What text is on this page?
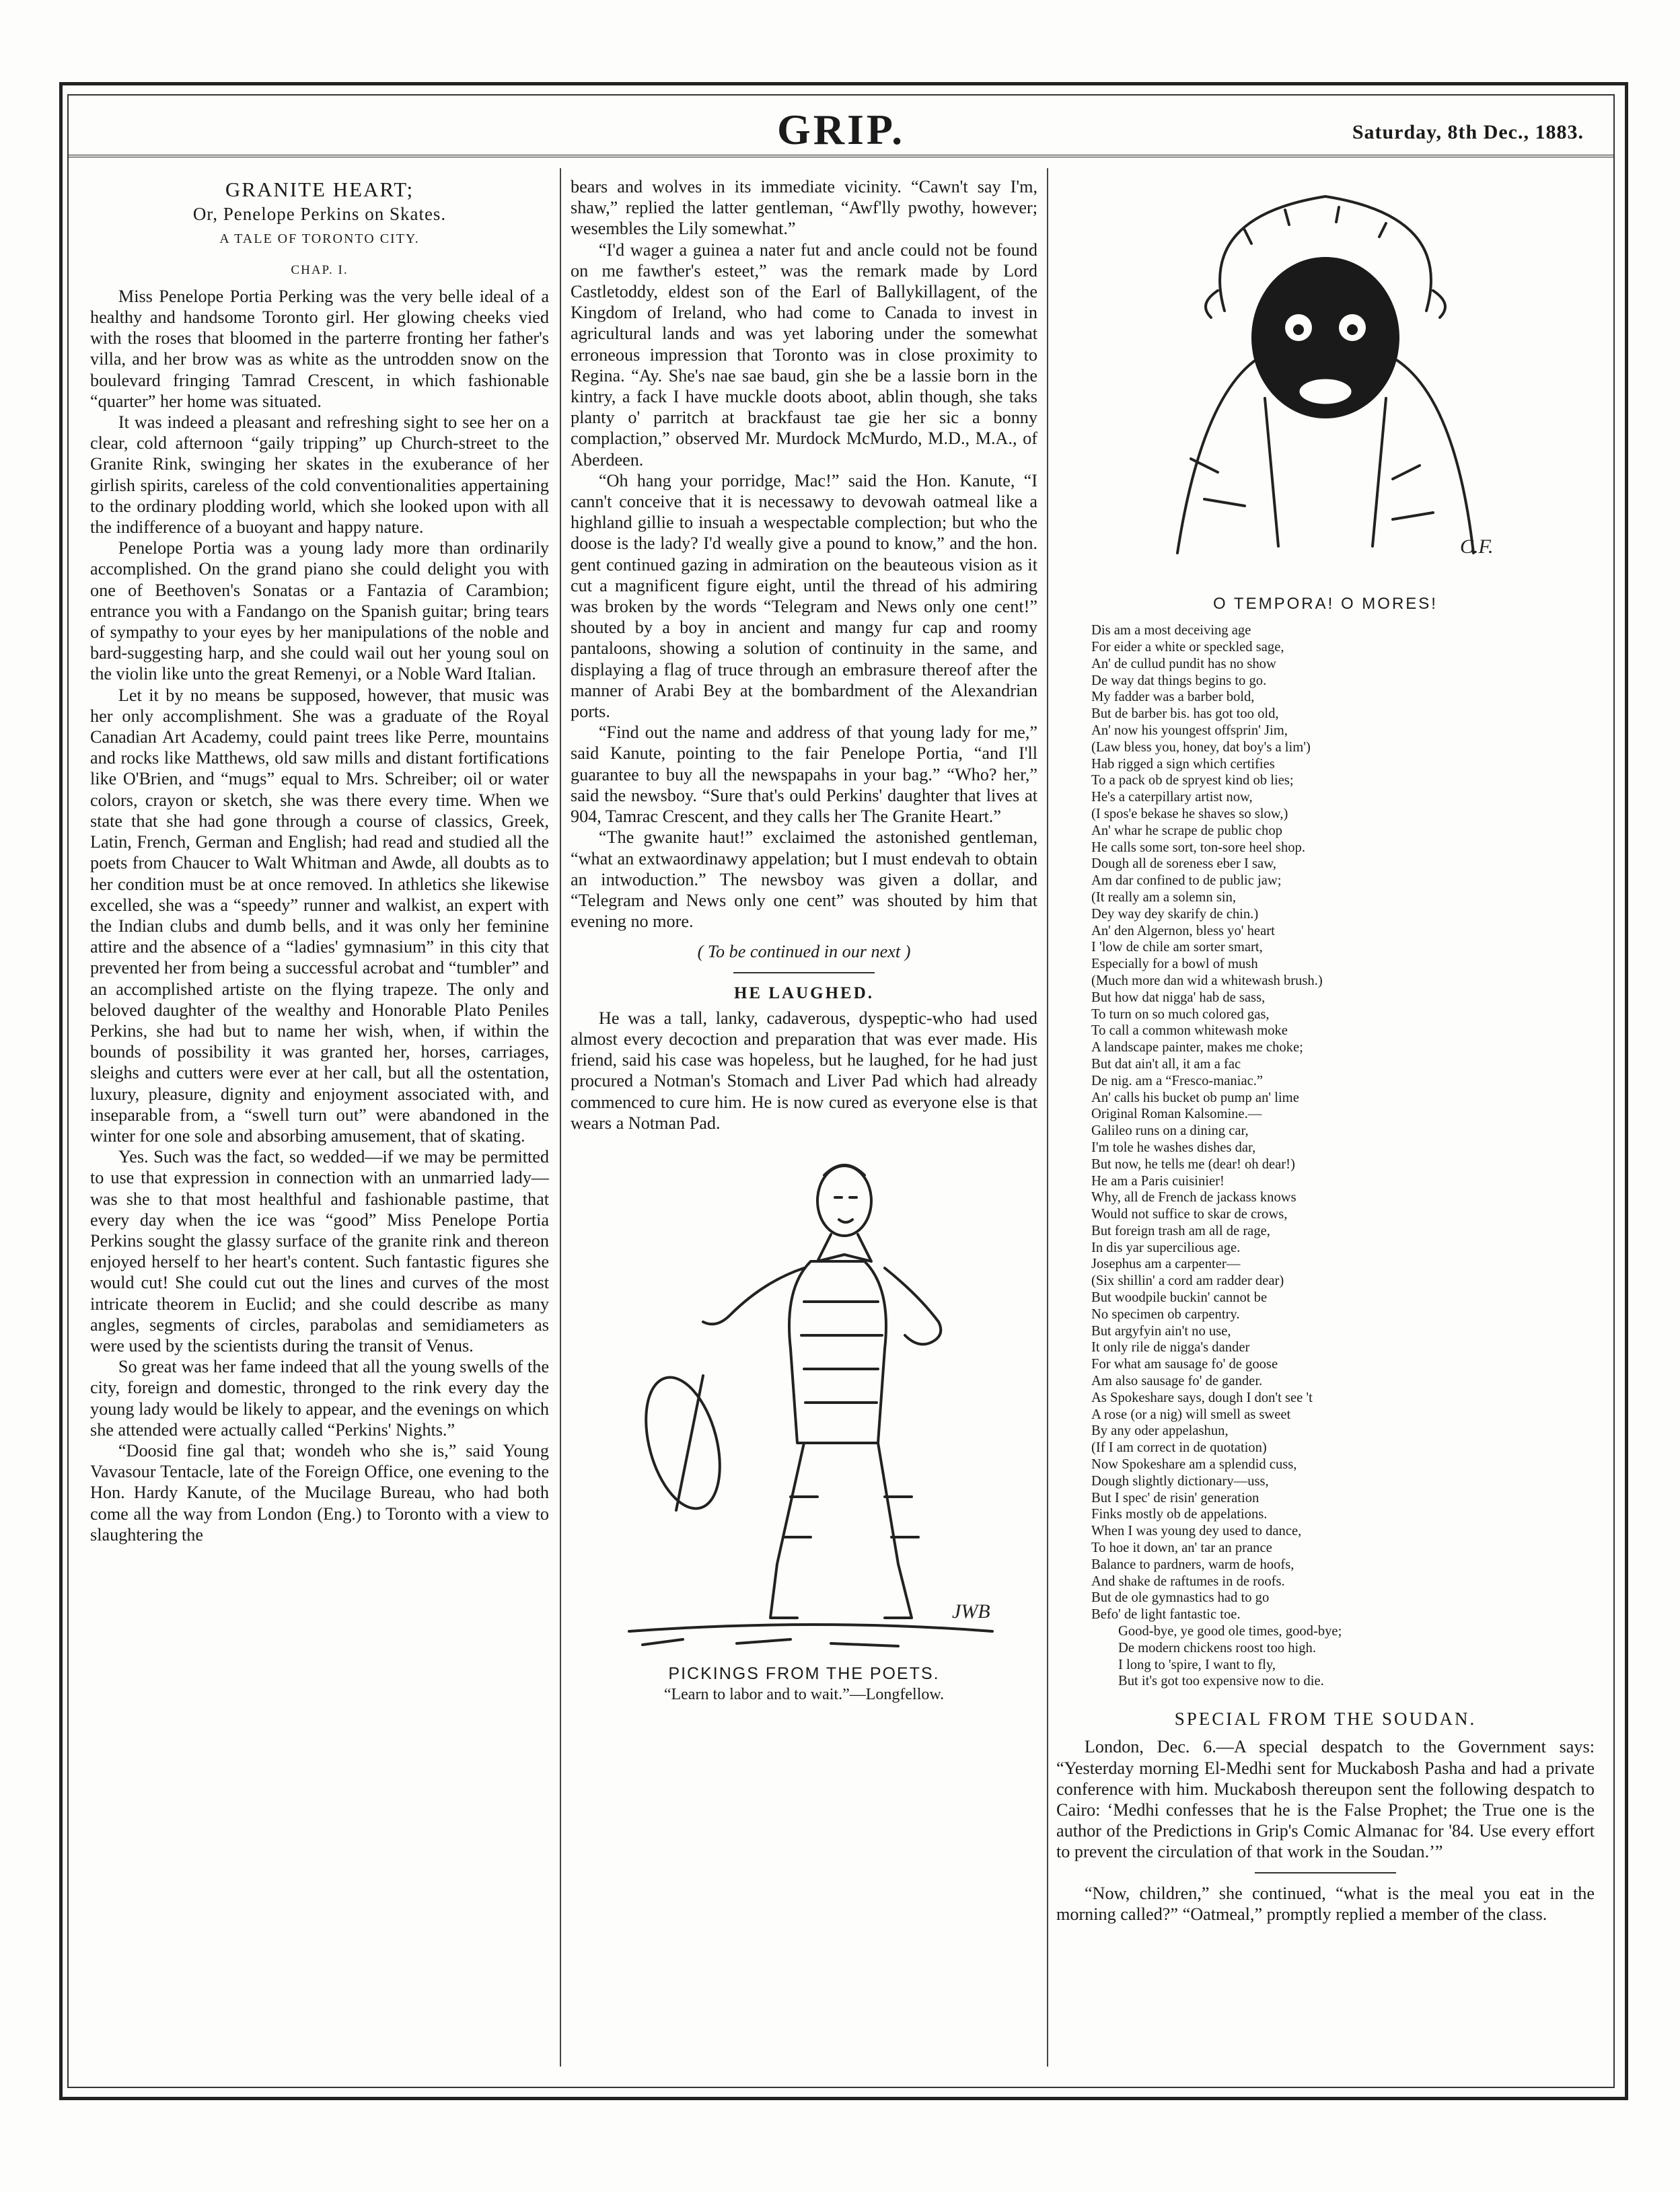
GRIP.	Saturday, 8th Dec., 1883.
GRANITE HEART;
Or, Penelope Perkins on Skates.
A TALE OF TORONTO CITY.
CHAP. I.

Miss Penelope Portia Perking was the very belle ideal of a healthy and handsome Toronto girl. Her glowing cheeks vied with the roses that bloomed in the parterre fronting her father's villa, and her brow was as white as the untrodden snow on the boulevard fringing Tamrad Crescent, in which fashionable “quarter” her home was situated.

It was indeed a pleasant and refreshing sight to see her on a clear, cold afternoon “gaily tripping” up Church-street to the Granite Rink, swinging her skates in the exuberance of her girlish spirits, careless of the cold conventionalities appertaining to the ordinary plodding world, which she looked upon with all the indifference of a buoyant and happy nature.

Penelope Portia was a young lady more than ordinarily accomplished. On the grand piano she could delight you with one of Beethoven's Sonatas or a Fantazia of Carambion; entrance you with a Fandango on the Spanish guitar; bring tears of sympathy to your eyes by her manipulations of the noble and bard-suggesting harp, and she could wail out her young soul on the violin like unto the great Remenyi, or a Noble Ward Italian.

Let it by no means be supposed, however, that music was her only accomplishment. She was a graduate of the Royal Canadian Art Academy, could paint trees like Perre, mountains and rocks like Matthews, old saw mills and distant fortifications like O'Brien, and “mugs” equal to Mrs. Schreiber; oil or water colors, crayon or sketch, she was there every time. When we state that she had gone through a course of classics, Greek, Latin, French, German and English; had read and studied all the poets from Chaucer to Walt Whitman and Awde, all doubts as to her condition must be at once removed. In athletics she likewise excelled, she was a “speedy” runner and walkist, an expert with the Indian clubs and dumb bells, and it was only her feminine attire and the absence of a “ladies' gymnasium” in this city that prevented her from being a successful acrobat and “tumbler” and an accomplished artiste on the flying trapeze. The only and beloved daughter of the wealthy and Honorable Plato Peniles Perkins, she had but to name her wish, when, if within the bounds of possibility it was granted her, horses, carriages, sleighs and cutters were ever at her call, but all the ostentation, luxury, pleasure, dignity and enjoyment associated with, and inseparable from, a “swell turn out” were abandoned in the winter for one sole and absorbing amusement, that of skating.

Yes. Such was the fact, so wedded—if we may be permitted to use that expression in connection with an unmarried lady—was she to that most healthful and fashionable pastime, that every day when the ice was “good” Miss Penelope Portia Perkins sought the glassy surface of the granite rink and thereon enjoyed herself to her heart's content. Such fantastic figures she would cut! She could cut out the lines and curves of the most intricate theorem in Euclid; and she could describe as many angles, segments of circles, parabolas and semidiameters as were used by the scientists during the transit of Venus.

So great was her fame indeed that all the young swells of the city, foreign and domestic, thronged to the rink every day the young lady would be likely to appear, and the evenings on which she attended were actually called “Perkins' Nights.”

“Doosid fine gal that; wondeh who she is,” said Young Vavasour Tentacle, late of the Foreign Office, one evening to the Hon. Hardy Kanute, of the Mucilage Bureau, who had both come all the way from London (Eng.) to Toronto with a view to slaughtering the

bears and wolves in its immediate vicinity. “Cawn't say I'm, shaw,” replied the latter gentleman, “Awf'lly pwothy, however; wesembles the Lily somewhat.”

“I'd wager a guinea a nater fut and ancle could not be found on me fawther's esteet,” was the remark made by Lord Castletoddy, eldest son of the Earl of Ballykillagent, of the Kingdom of Ireland, who had come to Canada to invest in agricultural lands and was yet laboring under the somewhat erroneous impression that Toronto was in close proximity to Regina. “Ay. She's nae sae baud, gin she be a lassie born in the kintry, a fack I have muckle doots aboot, ablin though, she taks planty o' parritch at brackfaust tae gie her sic a bonny complaction,” observed Mr. Murdock McMurdo, M.D., M.A., of Aberdeen.

“Oh hang your porridge, Mac!” said the Hon. Kanute, “I cann't conceive that it is necessawy to devowah oatmeal like a highland gillie to insuah a wespectable complection; but who the doose is the lady? I'd weally give a pound to know,” and the hon. gent continued gazing in admiration on the beauteous vision as it cut a magnificent figure eight, until the thread of his admiring was broken by the words “Telegram and News only one cent!” shouted by a boy in ancient and mangy fur cap and roomy pantaloons, showing a solution of continuity in the same, and displaying a flag of truce through an embrasure thereof after the manner of Arabi Bey at the bombardment of the Alexandrian ports.

“Find out the name and address of that young lady for me,” said Kanute, pointing to the fair Penelope Portia, “and I'll guarantee to buy all the newspapahs in your bag.” “Who? her,” said the newsboy. “Sure that's ould Perkins' daughter that lives at 904, Tamrac Crescent, and they calls her The Granite Heart.”

“The gwanite haut!” exclaimed the astonished gentleman, “what an extwaordinawy appelation; but I must endevah to obtain an intwoduction.” The newsboy was given a dollar, and “Telegram and News only one cent” was shouted by him that evening no more.

( To be continued in our next )

HE LAUGHED.

He was a tall, lanky, cadaverous, dyspeptic-who had used almost every decoction and preparation that was ever made. His friend, said his case was hopeless, but he laughed, for he had just procured a Notman's Stomach and Liver Pad which had already commenced to cure him. He is now cured as everyone else is that wears a Notman Pad.

JWB
PICKINGS FROM THE POETS.
“Learn to labor and to wait.”—Longfellow.
C.F.
O TEMPORA! O MORES!
Dis am a most deceiving age
For eider a white or speckled sage,
An' de cullud pundit has no show
De way dat things begins to go.
My fadder was a barber bold,
But de barber bis. has got too old,
An' now his youngest offsprin' Jim,
(Law bless you, honey, dat boy's a lim')
Hab rigged a sign which certifies
To a pack ob de spryest kind ob lies;
He's a caterpillary artist now,
(I spos'e bekase he shaves so slow,)
An' whar he scrape de public chop
He calls some sort, ton-sore heel shop.
Dough all de soreness eber I saw,
Am dar confined to de public jaw;
(It really am a solemn sin,
Dey way dey skarify de chin.)
An' den Algernon, bless yo' heart
I 'low de chile am sorter smart,
Especially for a bowl of mush
(Much more dan wid a whitewash brush.)
But how dat nigga' hab de sass,
To turn on so much colored gas,
To call a common whitewash moke
A landscape painter, makes me choke;
But dat ain't all, it am a fac
De nig. am a “Fresco-maniac.”
An' calls his bucket ob pump an' lime
Original Roman Kalsomine.—
Galileo runs on a dining car,
I'm tole he washes dishes dar,
But now, he tells me (dear! oh dear!)
He am a Paris cuisinier!
Why, all de French de jackass knows
Would not suffice to skar de crows,
But foreign trash am all de rage,
In dis yar supercilious age.
Josephus am a carpenter—
(Six shillin' a cord am radder dear)
But woodpile buckin' cannot be
No specimen ob carpentry.
But argyfyin ain't no use,
It only rile de nigga's dander
For what am sausage fo' de goose
Am also sausage fo' de gander.
As Spokeshare says, dough I don't see 't
A rose (or a nig) will smell as sweet
By any oder appelashun,
(If I am correct in de quotation)
Now Spokeshare am a splendid cuss,
Dough slightly dictionary—uss,
But I spec' de risin' generation
Finks mostly ob de appelations.
When I was young dey used to dance,
To hoe it down, an' tar an prance
Balance to pardners, warm de hoofs,
And shake de raftumes in de roofs.
But de ole gymnastics had to go
Befo' de light fantastic toe.
Good-bye, ye good ole times, good-bye;
De modern chickens roost too high.
I long to 'spire, I want to fly,
But it's got too expensive now to die.
SPECIAL FROM THE SOUDAN.

London, Dec. 6.—A special despatch to the Government says: “Yesterday morning El-Medhi sent for Muckabosh Pasha and had a private conference with him. Muckabosh thereupon sent the following despatch to Cairo: ‘Medhi confesses that he is the False Prophet; the True one is the author of the Predictions in Grip's Comic Almanac for '84. Use every effort to prevent the circulation of that work in the Soudan.’”

“Now, children,” she continued, “what is the meal you eat in the morning called?” “Oatmeal,” promptly replied a member of the class.
